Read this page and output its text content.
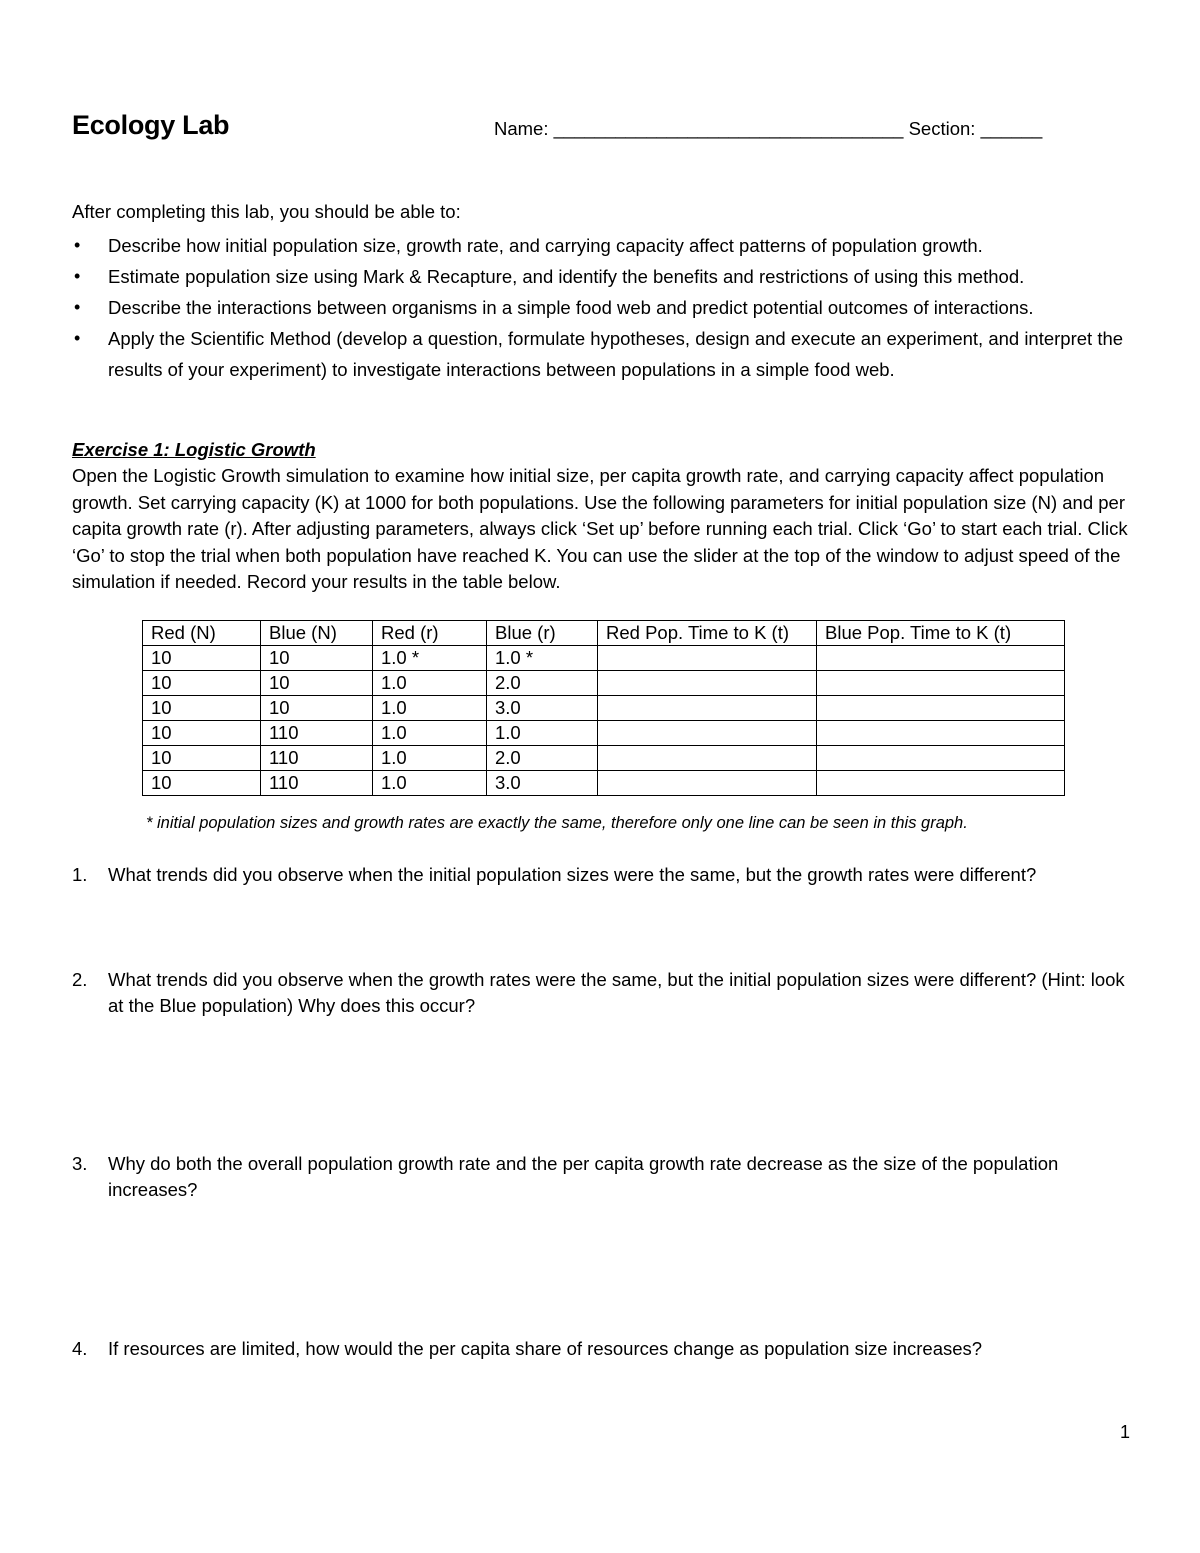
Ecology Lab	Name: __________________________________ Section: ______
After completing this lab, you should be able to:
• Describe how initial population size, growth rate, and carrying capacity affect patterns of population growth.
• Estimate population size using Mark & Recapture, and identify the benefits and restrictions of using this method.
• Describe the interactions between organisms in a simple food web and predict potential outcomes of interactions.
• Apply the Scientific Method (develop a question, formulate hypotheses, design and execute an experiment, and interpret the results of your experiment) to investigate interactions between populations in a simple food web.
Exercise 1: Logistic Growth
Open the Logistic Growth simulation to examine how initial size, per capita growth rate, and carrying capacity affect population growth. Set carrying capacity (K) at 1000 for both populations. Use the following parameters for initial population size (N) and per capita growth rate (r). After adjusting parameters, always click ‘Set up’ before running each trial. Click ‘Go’ to start each trial. Click ‘Go’ to stop the trial when both population have reached K. You can use the slider at the top of the window to adjust speed of the simulation if needed. Record your results in the table below.
Red (N)	Blue (N)	Red (r)	Blue (r)	Red Pop. Time to K (t)	Blue Pop. Time to K (t)
10	10	1.0 *	1.0 *		
10	10	1.0	2.0		
10	10	1.0	3.0		
10	110	1.0	1.0		
10	110	1.0	2.0		
10	110	1.0	3.0		
* initial population sizes and growth rates are exactly the same, therefore only one line can be seen in this graph.
1. What trends did you observe when the initial population sizes were the same, but the growth rates were different?
2. What trends did you observe when the growth rates were the same, but the initial population sizes were different? (Hint: look at the Blue population) Why does this occur?
3. Why do both the overall population growth rate and the per capita growth rate decrease as the size of the population increases?
4. If resources are limited, how would the per capita share of resources change as population size increases?
1
